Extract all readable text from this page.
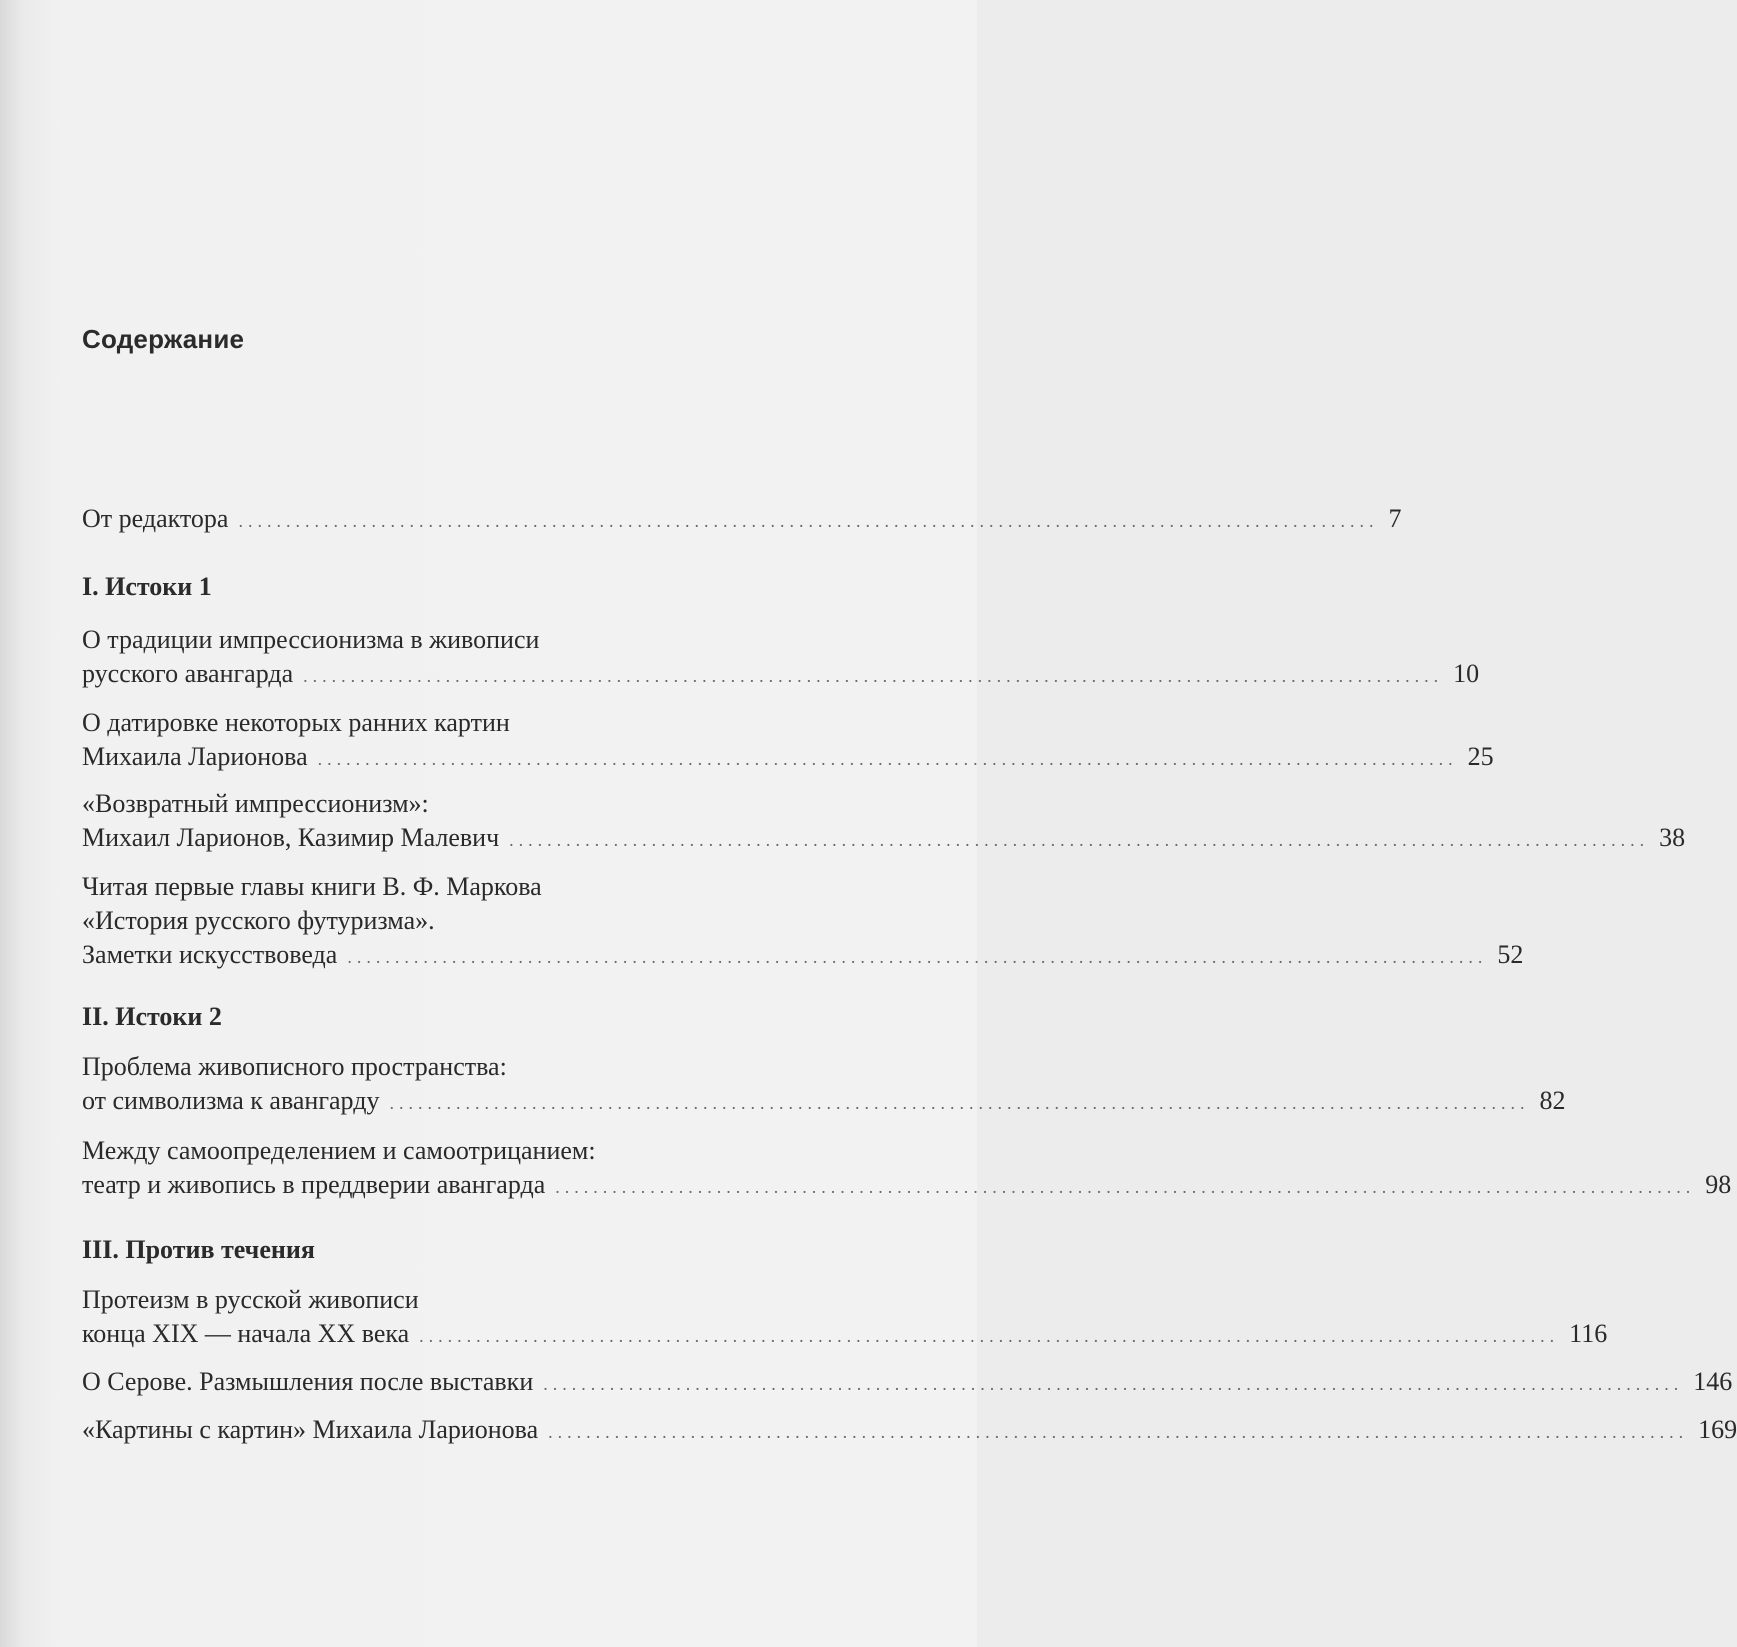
Содержание
От редактора ........................................................................................................................ 7
I. Истоки 1
О традиции импрессионизма в живописи
русского авангарда ........................................................................................................................ 10
О датировке некоторых ранних картин
Михаила Ларионова ........................................................................................................................ 25
«Возвратный импрессионизм»:
Михаил Ларионов, Казимир Малевич ........................................................................................................................ 38
Читая первые главы книги В. Ф. Маркова
«История русского футуризма».
Заметки искусствоведа ........................................................................................................................ 52
II. Истоки 2
Проблема живописного пространства:
от символизма к авангарду ........................................................................................................................ 82
Между самоопределением и самоотрицанием:
театр и живопись в преддверии авангарда ........................................................................................................................ 98
III. Против течения
Протеизм в русской живописи
конца XIX — начала XX века ........................................................................................................................ 116
О Серове. Размышления после выставки ........................................................................................................................ 146
«Картины с картин» Михаила Ларионова ........................................................................................................................ 169
